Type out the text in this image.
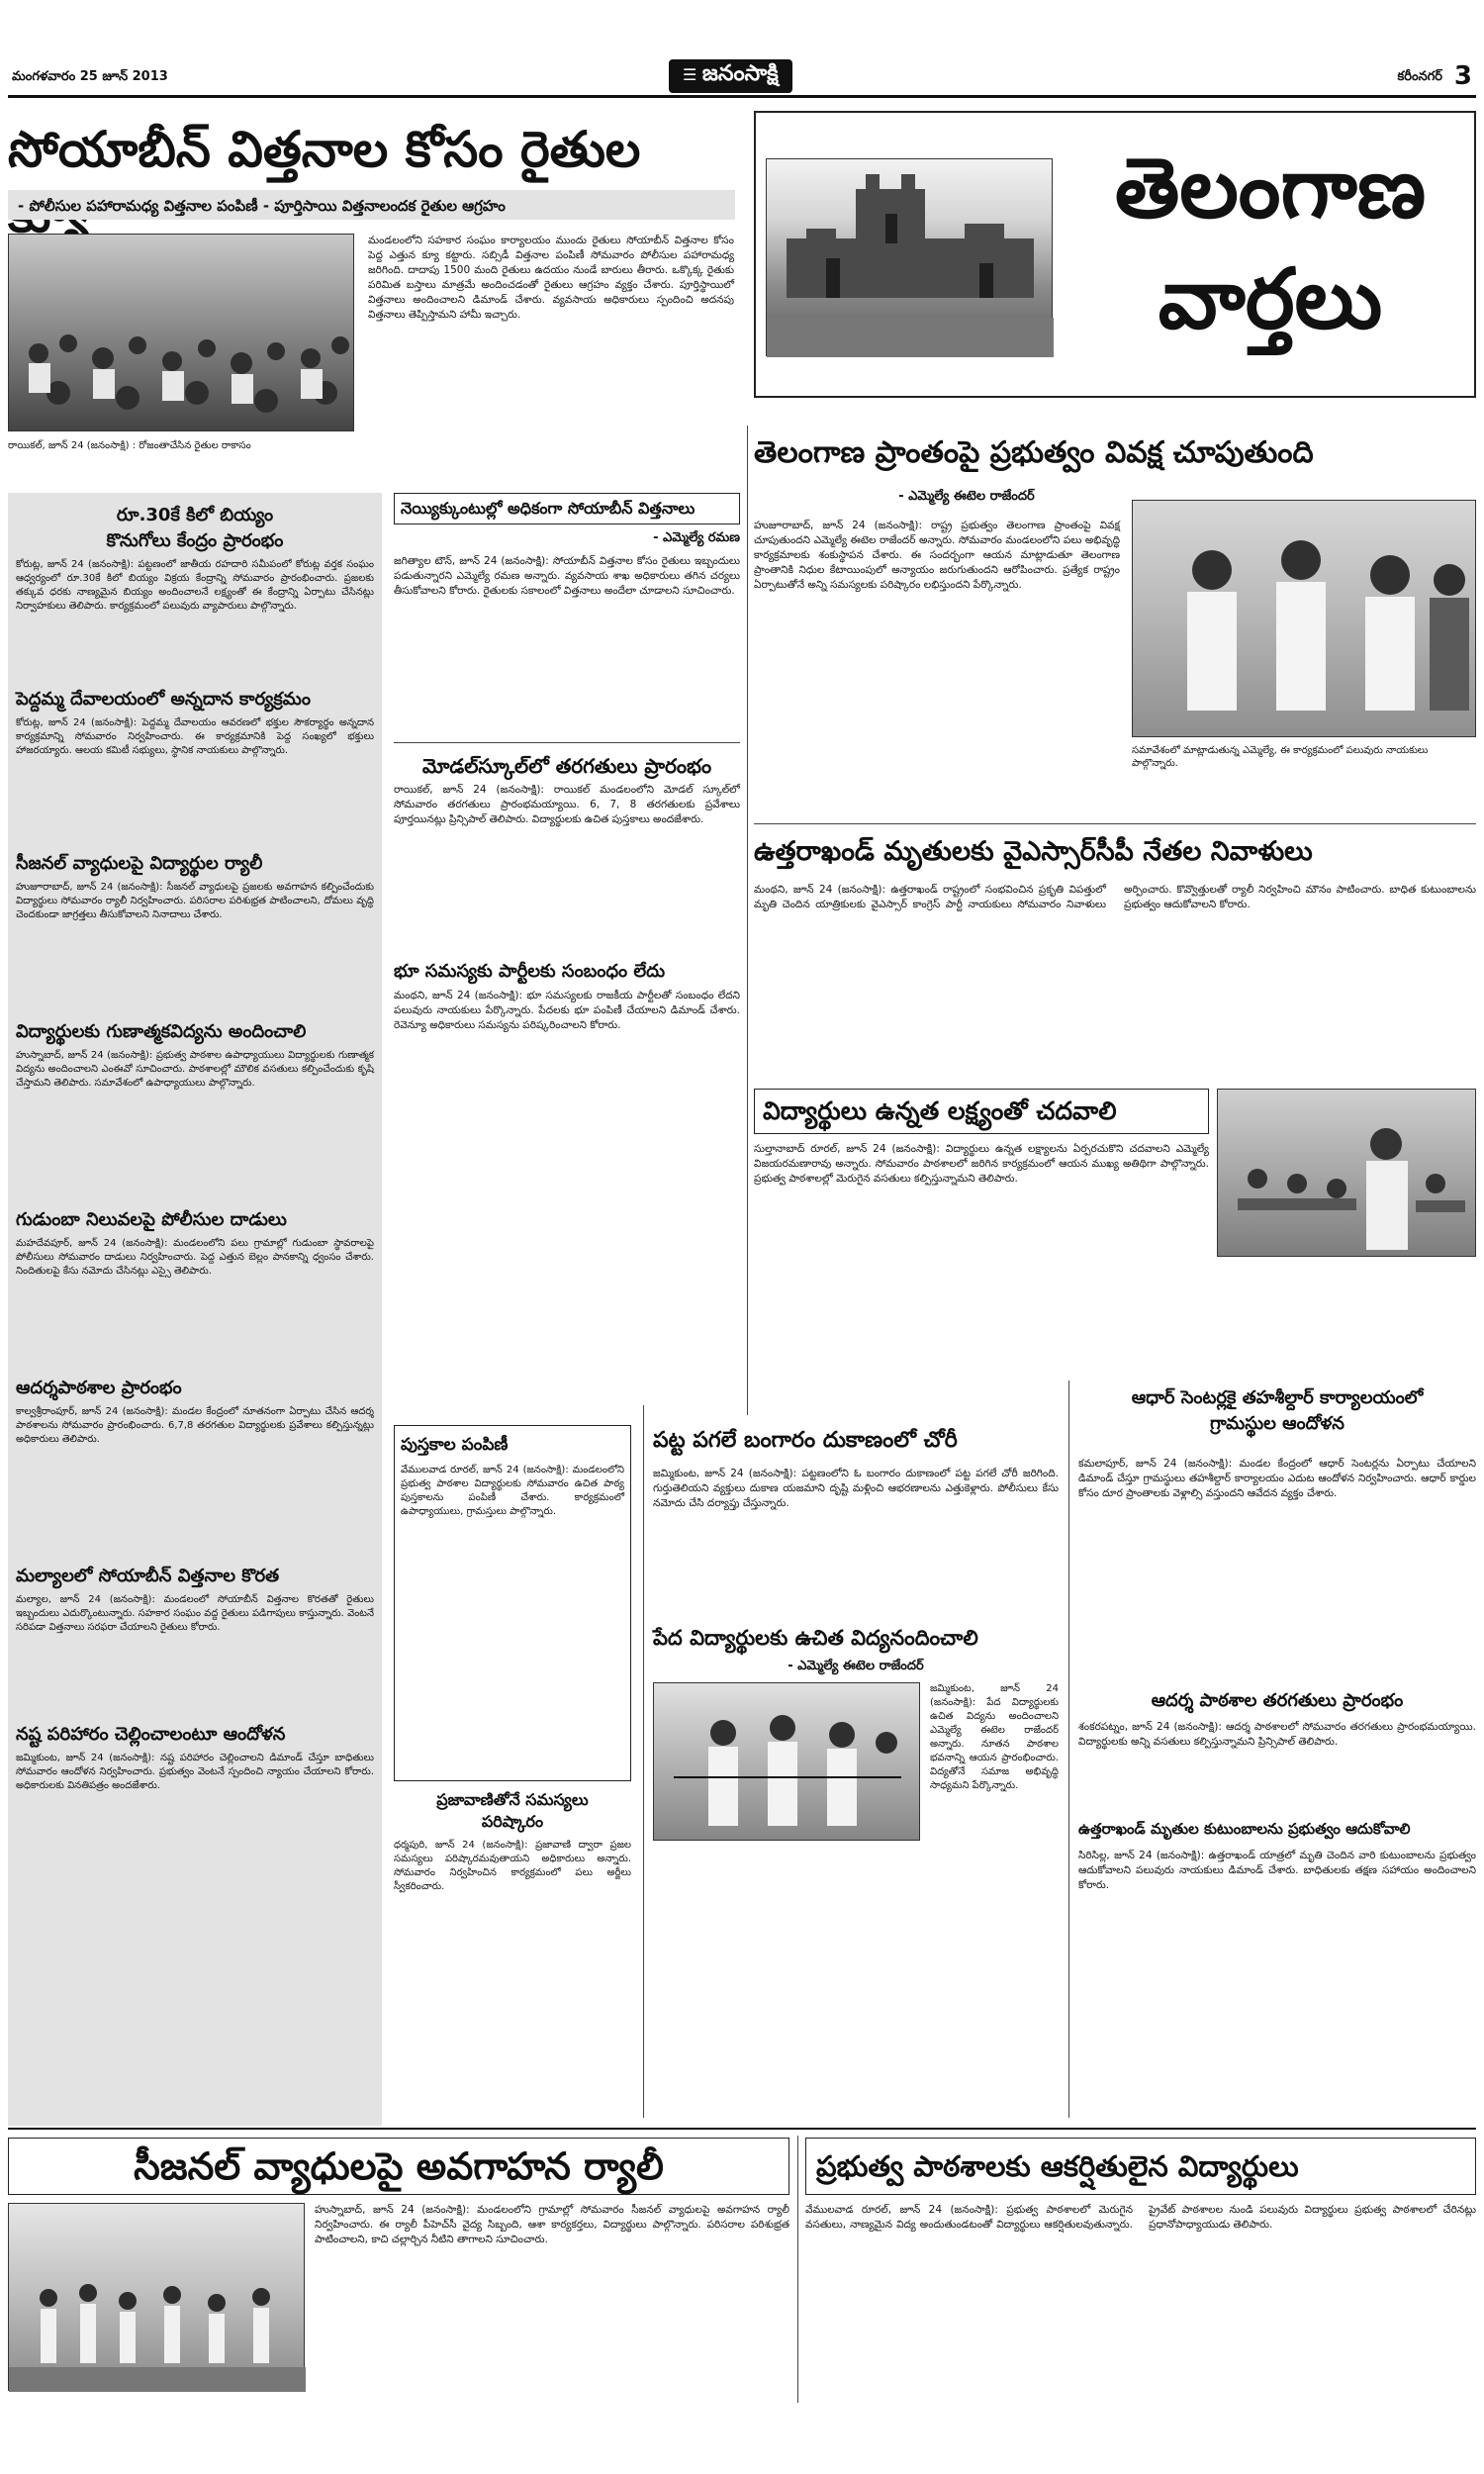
మంగళవారం 25 జూన్ 2013	☰ జనంసాక్షి	కరీంనగర్ 3
సోయాబీన్ విత్తనాల కోసం రైతుల
- పోలీసుల పహారామధ్య విత్తనాల పంపిణీ - పూర్తిసాయి విత్తనాలందక రైతుల ఆగ్రహం
రాయికల్, జూన్ 24 (జనంసాక్షి) : రోజంతాచేసిన రైతుల రాకాసం
మండలంలోని సహకార సంఘం కార్యాలయం ముందు రైతులు సోయాబీన్ విత్తనాల కోసం పెద్ద ఎత్తున క్యూ కట్టారు. సబ్సిడీ విత్తనాల పంపిణీ సోమవారం పోలీసుల పహారామధ్య జరిగింది. దాదాపు 1500 మంది రైతులు ఉదయం నుండే బారులు తీరారు. ఒక్కొక్క రైతుకు పరిమిత బస్తాలు మాత్రమే అందించడంతో రైతులు ఆగ్రహం వ్యక్తం చేశారు. పూర్తిస్థాయిలో విత్తనాలు అందించాలని డిమాండ్ చేశారు. వ్యవసాయ అధికారులు స్పందించి అదనపు విత్తనాలు తెప్పిస్తామని హామీ ఇచ్చారు.
తెలంగాణ
వార్తలు
తెలంగాణ ప్రాంతంపై ప్రభుత్వం వివక్ష చూపుతుంది
- ఎమ్మెల్యే ఈటెల రాజేందర్
హుజూరాబాద్, జూన్ 24 (జనంసాక్షి): రాష్ట్ర ప్రభుత్వం తెలంగాణ ప్రాంతంపై వివక్ష చూపుతుందని ఎమ్మెల్యే ఈటెల రాజేందర్ అన్నారు. సోమవారం మండలంలోని పలు అభివృద్ధి కార్యక్రమాలకు శంకుస్థాపన చేశారు. ఈ సందర్భంగా ఆయన మాట్లాడుతూ తెలంగాణ ప్రాంతానికి నిధుల కేటాయింపులో అన్యాయం జరుగుతుందని ఆరోపించారు. ప్రత్యేక రాష్ట్రం ఏర్పాటుతోనే అన్ని సమస్యలకు పరిష్కారం లభిస్తుందని పేర్కొన్నారు.
సమావేశంలో మాట్లాడుతున్న ఎమ్మెల్యే, ఈ కార్యక్రమంలో పలువురు నాయకులు పాల్గొన్నారు.
రూ.30కే కిలో బియ్యం
కొనుగోలు కేంద్రం ప్రారంభం
కోరుట్ల, జూన్ 24 (జనంసాక్షి): పట్టణంలో జాతీయ రహదారి సమీపంలో కోరుట్ల వర్తక సంఘం ఆధ్వర్యంలో రూ.30కే కిలో బియ్యం విక్రయ కేంద్రాన్ని సోమవారం ప్రారంభించారు. ప్రజలకు తక్కువ ధరకు నాణ్యమైన బియ్యం అందించాలనే లక్ష్యంతో ఈ కేంద్రాన్ని ఏర్పాటు చేసినట్లు నిర్వాహకులు తెలిపారు. కార్యక్రమంలో పలువురు వ్యాపారులు పాల్గొన్నారు.
పెద్దమ్మ దేవాలయంలో అన్నదాన కార్యక్రమం
కోరుట్ల, జూన్ 24 (జనంసాక్షి): పెద్దమ్మ దేవాలయం ఆవరణలో భక్తుల సౌకర్యార్థం అన్నదాన కార్యక్రమాన్ని సోమవారం నిర్వహించారు. ఈ కార్యక్రమానికి పెద్ద సంఖ్యలో భక్తులు హాజరయ్యారు. ఆలయ కమిటీ సభ్యులు, స్థానిక నాయకులు పాల్గొన్నారు.
సీజనల్ వ్యాధులపై విద్యార్థుల ర్యాలీ
హుజూరాబాద్, జూన్ 24 (జనంసాక్షి): సీజనల్ వ్యాధులపై ప్రజలకు అవగాహన కల్పించేందుకు విద్యార్థులు సోమవారం ర్యాలీ నిర్వహించారు. పరిసరాల పరిశుభ్రత పాటించాలని, దోమలు వృద్ధి చెందకుండా జాగ్రత్తలు తీసుకోవాలని నినాదాలు చేశారు.
విద్యార్థులకు గుణాత్మకవిద్యను అందించాలి
హుస్నాబాద్, జూన్ 24 (జనంసాక్షి): ప్రభుత్వ పాఠశాల ఉపాధ్యాయులు విద్యార్థులకు గుణాత్మక విద్యను అందించాలని ఎంఈవో సూచించారు. పాఠశాలల్లో మౌలిక వసతులు కల్పించేందుకు కృషి చేస్తామని తెలిపారు. సమావేశంలో ఉపాధ్యాయులు పాల్గొన్నారు.
గుడుంబా నిలువలపై పోలీసుల దాడులు
మహదేవపూర్, జూన్ 24 (జనంసాక్షి): మండలంలోని పలు గ్రామాల్లో గుడుంబా స్థావరాలపై పోలీసులు సోమవారం దాడులు నిర్వహించారు. పెద్ద ఎత్తున బెల్లం పానకాన్ని ధ్వంసం చేశారు. నిందితులపై కేసు నమోదు చేసినట్లు ఎస్సై తెలిపారు.
ఆదర్శపాఠశాల ప్రారంభం
కాల్వశ్రీరాంపూర్, జూన్ 24 (జనంసాక్షి): మండల కేంద్రంలో నూతనంగా ఏర్పాటు చేసిన ఆదర్శ పాఠశాలను సోమవారం ప్రారంభించారు. 6,7,8 తరగతుల విద్యార్థులకు ప్రవేశాలు కల్పిస్తున్నట్లు అధికారులు తెలిపారు.
మల్యాలలో సోయాబీన్ విత్తనాల కొరత
మల్యాల, జూన్ 24 (జనంసాక్షి): మండలంలో సోయాబీన్ విత్తనాల కొరతతో రైతులు ఇబ్బందులు ఎదుర్కొంటున్నారు. సహకార సంఘం వద్ద రైతులు పడిగాపులు కాస్తున్నారు. వెంటనే సరిపడా విత్తనాలు సరఫరా చేయాలని రైతులు కోరారు.
నష్ట పరిహారం చెల్లించాలంటూ ఆందోళన
జమ్మికుంట, జూన్ 24 (జనంసాక్షి): నష్ట పరిహారం చెల్లించాలని డిమాండ్ చేస్తూ బాధితులు సోమవారం ఆందోళన నిర్వహించారు. ప్రభుత్వం వెంటనే స్పందించి న్యాయం చేయాలని కోరారు. అధికారులకు వినతిపత్రం అందజేశారు.
నెయ్యిక్కుంటుల్లో అధికంగా సోయాబీన్ విత్తనాలు
- ఎమ్మెల్యే రమణ
జగిత్యాల టౌన్, జూన్ 24 (జనంసాక్షి): సోయాబీన్ విత్తనాల కోసం రైతులు ఇబ్బందులు పడుతున్నారని ఎమ్మెల్యే రమణ అన్నారు. వ్యవసాయ శాఖ అధికారులు తగిన చర్యలు తీసుకోవాలని కోరారు. రైతులకు సకాలంలో విత్తనాలు అందేలా చూడాలని సూచించారు.
మోడల్‌స్కూల్‌లో తరగతులు ప్రారంభం
రాయికల్, జూన్ 24 (జనంసాక్షి): రాయికల్ మండలంలోని మోడల్ స్కూల్‌లో సోమవారం తరగతులు ప్రారంభమయ్యాయి. 6, 7, 8 తరగతులకు ప్రవేశాలు పూర్తయినట్లు ప్రిన్సిపాల్ తెలిపారు. విద్యార్థులకు ఉచిత పుస్తకాలు అందజేశారు.
భూ సమస్యకు పార్టీలకు సంబంధం లేదు
మంథని, జూన్ 24 (జనంసాక్షి): భూ సమస్యలకు రాజకీయ పార్టీలతో సంబంధం లేదని పలువురు నాయకులు పేర్కొన్నారు. పేదలకు భూ పంపిణీ చేయాలని డిమాండ్ చేశారు. రెవెన్యూ అధికారులు సమస్యను పరిష్కరించాలని కోరారు.
ఉత్తరాఖండ్ మృతులకు వైఎస్సార్‌సీపీ నేతల నివాళులు
మంథని, జూన్ 24 (జనంసాక్షి): ఉత్తరాఖండ్ రాష్ట్రంలో సంభవించిన ప్రకృతి విపత్తులో మృతి చెందిన యాత్రికులకు వైఎస్సార్ కాంగ్రెస్ పార్టీ నాయకులు సోమవారం నివాళులు అర్పించారు. కొవ్వొత్తులతో ర్యాలీ నిర్వహించి మౌనం పాటించారు. బాధిత కుటుంబాలను ప్రభుత్వం ఆదుకోవాలని కోరారు.
విద్యార్థులు ఉన్నత లక్ష్యంతో చదవాలి
సుల్తానాబాద్ రూరల్, జూన్ 24 (జనంసాక్షి): విద్యార్థులు ఉన్నత లక్ష్యాలను ఏర్పరచుకొని చదవాలని ఎమ్మెల్యే విజయరమణారావు అన్నారు. సోమవారం పాఠశాలలో జరిగిన కార్యక్రమంలో ఆయన ముఖ్య అతిథిగా పాల్గొన్నారు. ప్రభుత్వ పాఠశాలల్లో మెరుగైన వసతులు కల్పిస్తున్నామని తెలిపారు.
పుస్తకాల పంపిణీ
వేములవాడ రూరల్, జూన్ 24 (జనంసాక్షి): మండలంలోని ప్రభుత్వ పాఠశాల విద్యార్థులకు సోమవారం ఉచిత పాఠ్య పుస్తకాలను పంపిణీ చేశారు. కార్యక్రమంలో ఉపాధ్యాయులు, గ్రామస్తులు పాల్గొన్నారు.
ప్రజావాణితోనే సమస్యలు
పరిష్కారం
ధర్మపురి, జూన్ 24 (జనంసాక్షి): ప్రజావాణి ద్వారా ప్రజల సమస్యలు పరిష్కారమవుతాయని అధికారులు అన్నారు. సోమవారం నిర్వహించిన కార్యక్రమంలో పలు అర్జీలు స్వీకరించారు.
పట్ట పగలే బంగారం దుకాణంలో చోరీ
జమ్మికుంట, జూన్ 24 (జనంసాక్షి): పట్టణంలోని ఓ బంగారం దుకాణంలో పట్ట పగలే చోరీ జరిగింది. గుర్తుతెలియని వ్యక్తులు దుకాణ యజమాని దృష్టి మళ్లించి ఆభరణాలను ఎత్తుకెళ్లారు. పోలీసులు కేసు నమోదు చేసి దర్యాప్తు చేస్తున్నారు.
పేద విద్యార్థులకు ఉచిత విద్యనందించాలి
- ఎమ్మెల్యే ఈటెల రాజేందర్
జమ్మికుంట, జూన్ 24 (జనంసాక్షి): పేద విద్యార్థులకు ఉచిత విద్యను అందించాలని ఎమ్మెల్యే ఈటెల రాజేందర్ అన్నారు. నూతన పాఠశాల భవనాన్ని ఆయన ప్రారంభించారు. విద్యతోనే సమాజ అభివృద్ధి సాధ్యమని పేర్కొన్నారు.
ఆధార్ సెంటర్లకై తహశీల్దార్ కార్యాలయంలో
గ్రామస్థుల ఆందోళన
కమలాపూర్, జూన్ 24 (జనంసాక్షి): మండల కేంద్రంలో ఆధార్ సెంటర్లను ఏర్పాటు చేయాలని డిమాండ్ చేస్తూ గ్రామస్థులు తహశీల్దార్ కార్యాలయం ఎదుట ఆందోళన నిర్వహించారు. ఆధార్ కార్డుల కోసం దూర ప్రాంతాలకు వెళ్లాల్సి వస్తుందని ఆవేదన వ్యక్తం చేశారు.
ఆదర్శ పాఠశాల తరగతులు ప్రారంభం
శంకరపట్నం, జూన్ 24 (జనంసాక్షి): ఆదర్శ పాఠశాలలో సోమవారం తరగతులు ప్రారంభమయ్యాయి. విద్యార్థులకు అన్ని వసతులు కల్పిస్తున్నామని ప్రిన్సిపాల్ తెలిపారు.
ఉత్తరాఖండ్ మృతుల కుటుంబాలను ప్రభుత్వం ఆదుకోవాలి
సిరిసిల్ల, జూన్ 24 (జనంసాక్షి): ఉత్తరాఖండ్ యాత్రలో మృతి చెందిన వారి కుటుంబాలను ప్రభుత్వం ఆదుకోవాలని పలువురు నాయకులు డిమాండ్ చేశారు. బాధితులకు తక్షణ సహాయం అందించాలని కోరారు.
సీజనల్ వ్యాధులపై అవగాహన ర్యాలీ
హుస్నాబాద్, జూన్ 24 (జనంసాక్షి): మండలంలోని గ్రామాల్లో సోమవారం సీజనల్ వ్యాధులపై అవగాహన ర్యాలీ నిర్వహించారు. ఈ ర్యాలీ పీహెచ్‌సీ వైద్య సిబ్బంది, ఆశా కార్యకర్తలు, విద్యార్థులు పాల్గొన్నారు. పరిసరాల పరిశుభ్రత పాటించాలని, కాచి చల్లార్చిన నీటిని తాగాలని సూచించారు.
ప్రభుత్వ పాఠశాలకు ఆకర్షితులైన విద్యార్థులు
వేములవాడ రూరల్, జూన్ 24 (జనంసాక్షి): ప్రభుత్వ పాఠశాలలో మెరుగైన వసతులు, నాణ్యమైన విద్య అందుతుండటంతో విద్యార్థులు ఆకర్షితులవుతున్నారు. ప్రైవేట్ పాఠశాలల నుండి పలువురు విద్యార్థులు ప్రభుత్వ పాఠశాలలో చేరినట్లు ప్రధానోపాధ్యాయుడు తెలిపారు.
